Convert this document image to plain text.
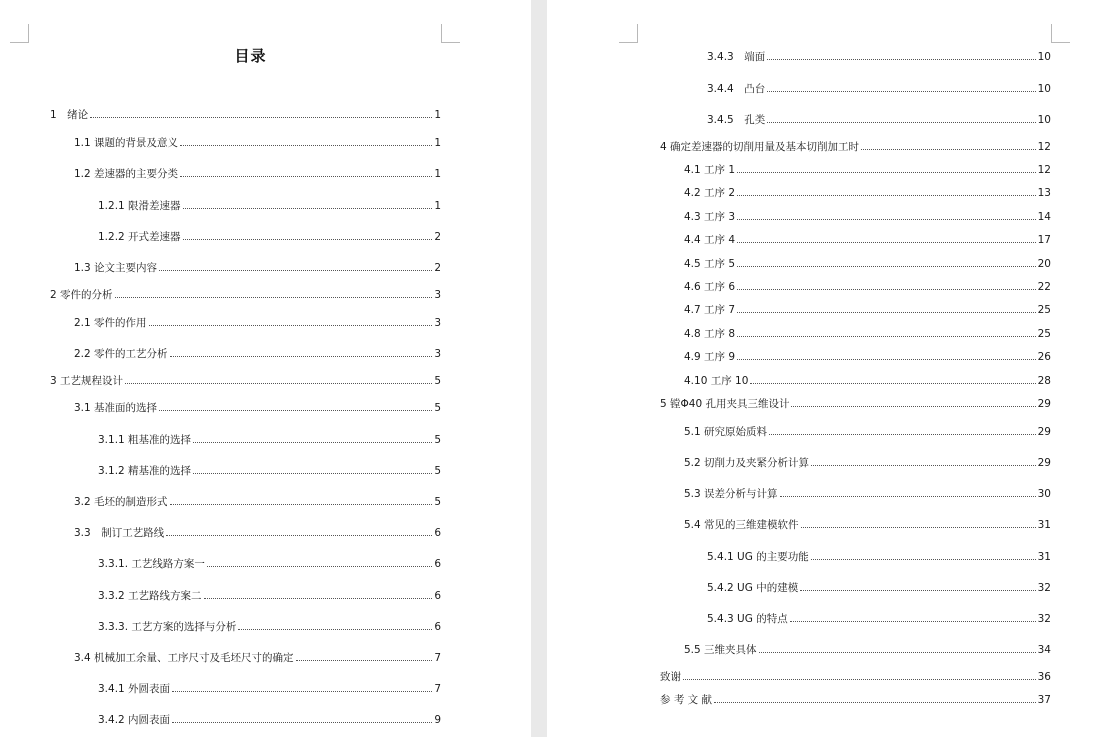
目录
1　绪论	1
1.1 课题的背景及意义	1
1.2 差速器的主要分类	1
1.2.1 限滑差速器	1
1.2.2 开式差速器	2
1.3 论文主要内容	2
2 零件的分析	3
2.1 零件的作用	3
2.2 零件的工艺分析	3
3 工艺规程设计	5
3.1 基准面的选择	5
3.1.1 粗基准的选择	5
3.1.2 精基准的选择	5
3.2 毛坯的制造形式	5
3.3　制订工艺路线	6
3.3.1. 工艺线路方案一	6
3.3.2 工艺路线方案二	6
3.3.3. 工艺方案的选择与分析	6
3.4 机械加工余量、工序尺寸及毛坯尺寸的确定	7
3.4.1 外圆表面	7
3.4.2 内圆表面	9
3.4.3　端面	10
3.4.4　凸台	10
3.4.5　孔类	10
4 确定差速器的切削用量及基本切削加工时	12
4.1 工序 1	12
4.2 工序 2	13
4.3 工序 3	14
4.4 工序 4	17
4.5 工序 5	20
4.6 工序 6	22
4.7 工序 7	25
4.8 工序 8	25
4.9 工序 9	26
4.10 工序 10	28
5 镗Φ40 孔用夹具三维设计	29
5.1 研究原始质料	29
5.2 切削力及夹紧分析计算	29
5.3 误差分析与计算	30
5.4 常见的三维建模软件	31
5.4.1 UG 的主要功能	31
5.4.2 UG 中的建模	32
5.4.3 UG 的特点	32
5.5 三维夹具体	34
致谢	36
参 考 文 献	37
